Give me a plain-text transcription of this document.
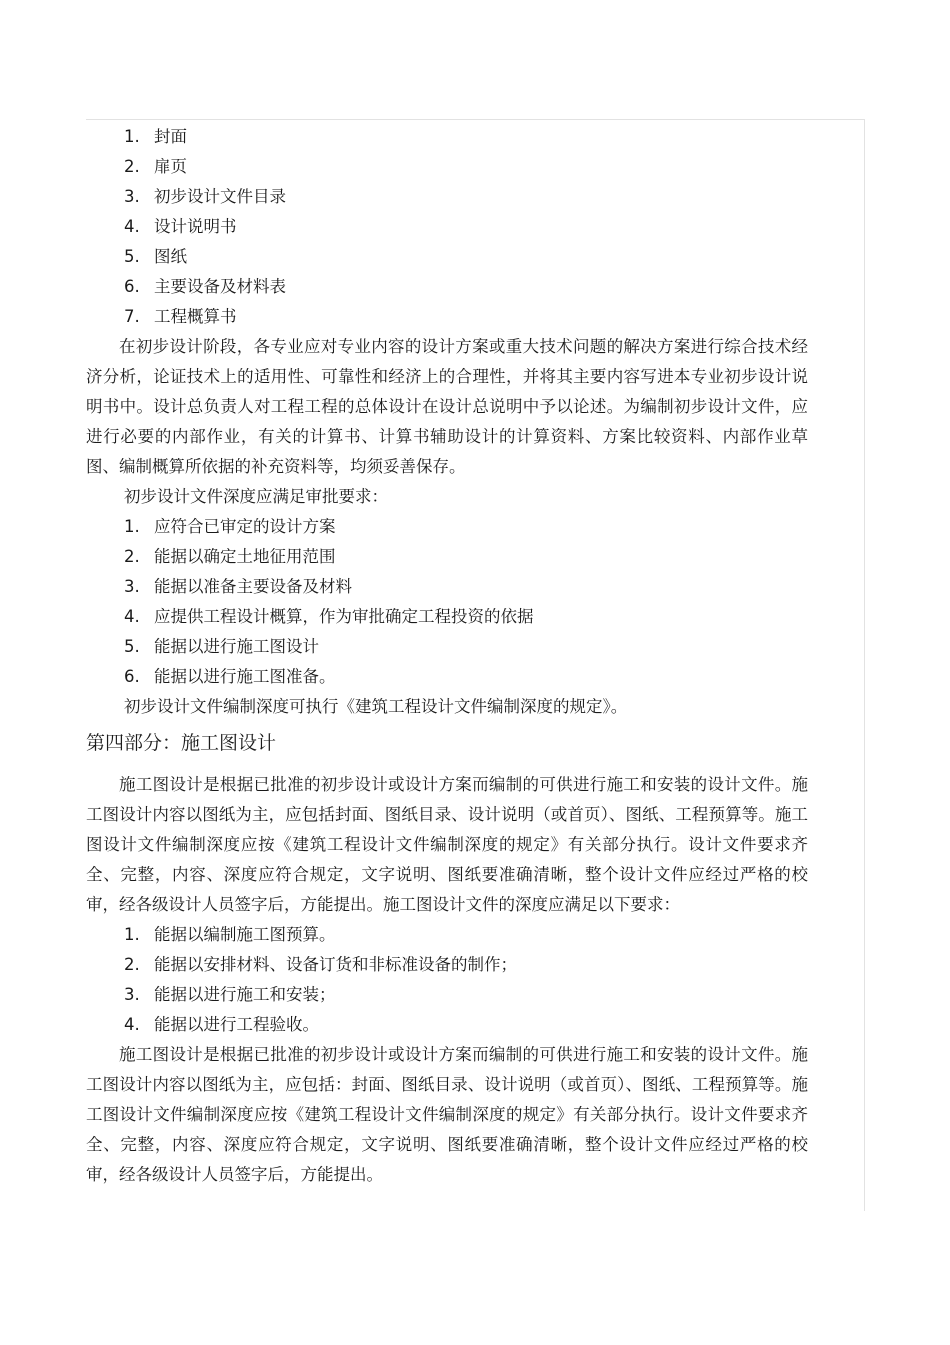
1. 封面
2. 扉页
3. 初步设计文件目录
4. 设计说明书
5. 图纸
6. 主要设备及材料表
7. 工程概算书

在初步设计阶段，各专业应对专业内容的设计方案或重大技术问题的解决方案进行综合技术经济分析，论证技术上的适用性、可靠性和经济上的合理性，并将其主要内容写进本专业初步设计说明书中。设计总负责人对工程工程的总体设计在设计总说明中予以论述。为编制初步设计文件，应进行必要的内部作业，有关的计算书、计算书辅助设计的计算资料、方案比较资料、内部作业草图、编制概算所依据的补充资料等，均须妥善保存。

初步设计文件深度应满足审批要求：
1. 应符合已审定的设计方案
2. 能据以确定土地征用范围
3. 能据以准备主要设备及材料
4. 应提供工程设计概算，作为审批确定工程投资的依据
5. 能据以进行施工图设计
6. 能据以进行施工图准备。
初步设计文件编制深度可执行《建筑工程设计文件编制深度的规定》。
第四部分：施工图设计

施工图设计是根据已批准的初步设计或设计方案而编制的可供进行施工和安装的设计文件。施工图设计内容以图纸为主，应包括封面、图纸目录、设计说明（或首页）、图纸、工程预算等。施工图设计文件编制深度应按《建筑工程设计文件编制深度的规定》有关部分执行。设计文件要求齐全、完整，内容、深度应符合规定，文字说明、图纸要准确清晰，整个设计文件应经过严格的校审，经各级设计人员签字后，方能提出。施工图设计文件的深度应满足以下要求：

1. 能据以编制施工图预算。
2. 能据以安排材料、设备订货和非标准设备的制作；
3. 能据以进行施工和安装；
4. 能据以进行工程验收。

施工图设计是根据已批准的初步设计或设计方案而编制的可供进行施工和安装的设计文件。施工图设计内容以图纸为主，应包括：封面、图纸目录、设计说明（或首页）、图纸、工程预算等。施工图设计文件编制深度应按《建筑工程设计文件编制深度的规定》有关部分执行。设计文件要求齐全、完整，内容、深度应符合规定，文字说明、图纸要准确清晰，整个设计文件应经过严格的校审，经各级设计人员签字后，方能提出。
